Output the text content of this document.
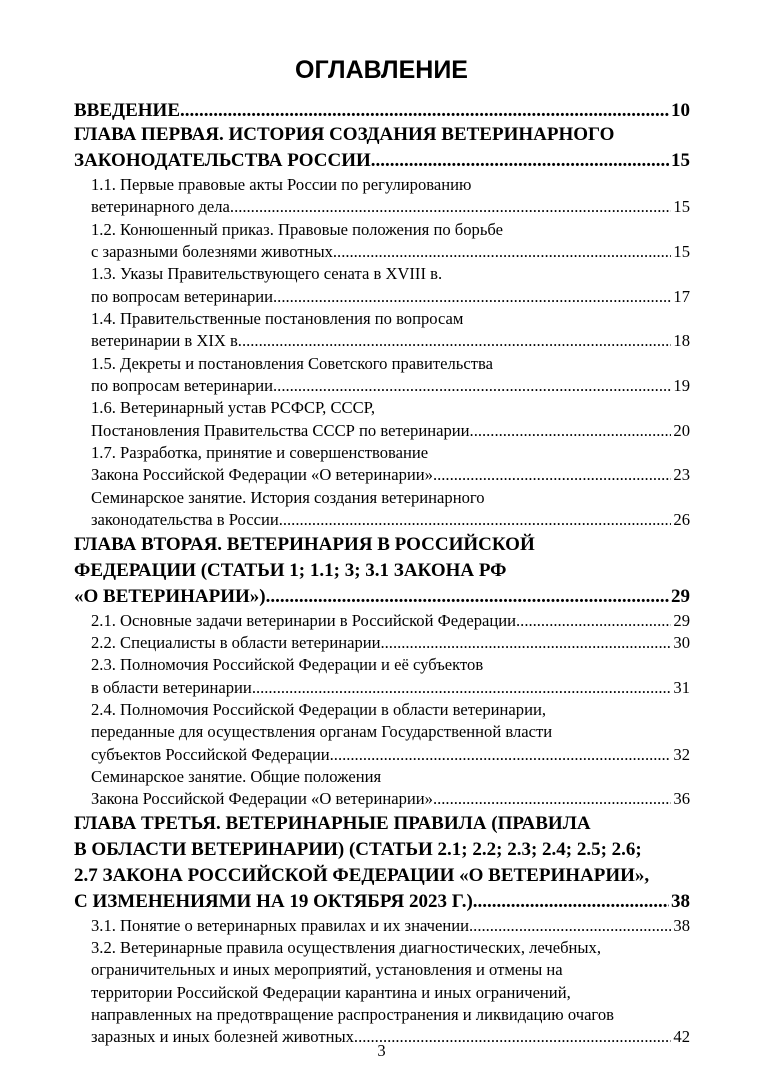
ОГЛАВЛЕНИЕ
ВВЕДЕНИЕ .....	10
ГЛАВА ПЕРВАЯ. ИСТОРИЯ СОЗДАНИЯ ВЕТЕРИНАРНОГО
ЗАКОНОДАТЕЛЬСТВА РОССИИ .....	15
1.1. Первые правовые акты России по регулированию
ветеринарного дела .....	15
1.2. Конюшенный приказ. Правовые положения по борьбе
с заразными болезнями животных .....	15
1.3. Указы Правительствующего сената в XVIII в.
по вопросам ветеринарии .....	17
1.4. Правительственные постановления по вопросам
ветеринарии в XIX в. .....	18
1.5. Декреты и постановления Советского правительства
по вопросам ветеринарии .....	19
1.6. Ветеринарный устав РСФСР, СССР,
Постановления Правительства СССР по ветеринарии .....	20
1.7. Разработка, принятие и совершенствование
Закона Российской Федерации «О ветеринарии» .....	23
Семинарское занятие. История создания ветеринарного
законодательства в России .....	26
ГЛАВА ВТОРАЯ. ВЕТЕРИНАРИЯ В РОССИЙСКОЙ
ФЕДЕРАЦИИ (СТАТЬИ 1; 1.1; 3; 3.1 ЗАКОНА РФ
«О ВЕТЕРИНАРИИ») .....	29
2.1. Основные задачи ветеринарии в Российской Федерации .....	29
2.2. Специалисты в области ветеринарии .....	30
2.3. Полномочия Российской Федерации и её субъектов
в области ветеринарии .....	31
2.4. Полномочия Российской Федерации в области ветеринарии,
переданные для осуществления органам Государственной власти
субъектов Российской Федерации .....	32
Семинарское занятие. Общие положения
Закона Российской Федерации «О ветеринарии» .....	36
ГЛАВА ТРЕТЬЯ. ВЕТЕРИНАРНЫЕ ПРАВИЛА (ПРАВИЛА
В ОБЛАСТИ ВЕТЕРИНАРИИ) (СТАТЬИ 2.1; 2.2; 2.3; 2.4; 2.5; 2.6;
2.7 ЗАКОНА РОССИЙСКОЙ ФЕДЕРАЦИИ «О ВЕТЕРИНАРИИ»,
С ИЗМЕНЕНИЯМИ НА 19 ОКТЯБРЯ 2023 Г.) .....	38
3.1. Понятие о ветеринарных правилах и их значении .....	38
3.2. Ветеринарные правила осуществления диагностических, лечебных,
ограничительных и иных мероприятий, установления и отмены на
территории Российской Федерации карантина и иных ограничений,
направленных на предотвращение распространения и ликвидацию очагов
заразных и иных болезней животных .....	42
3
